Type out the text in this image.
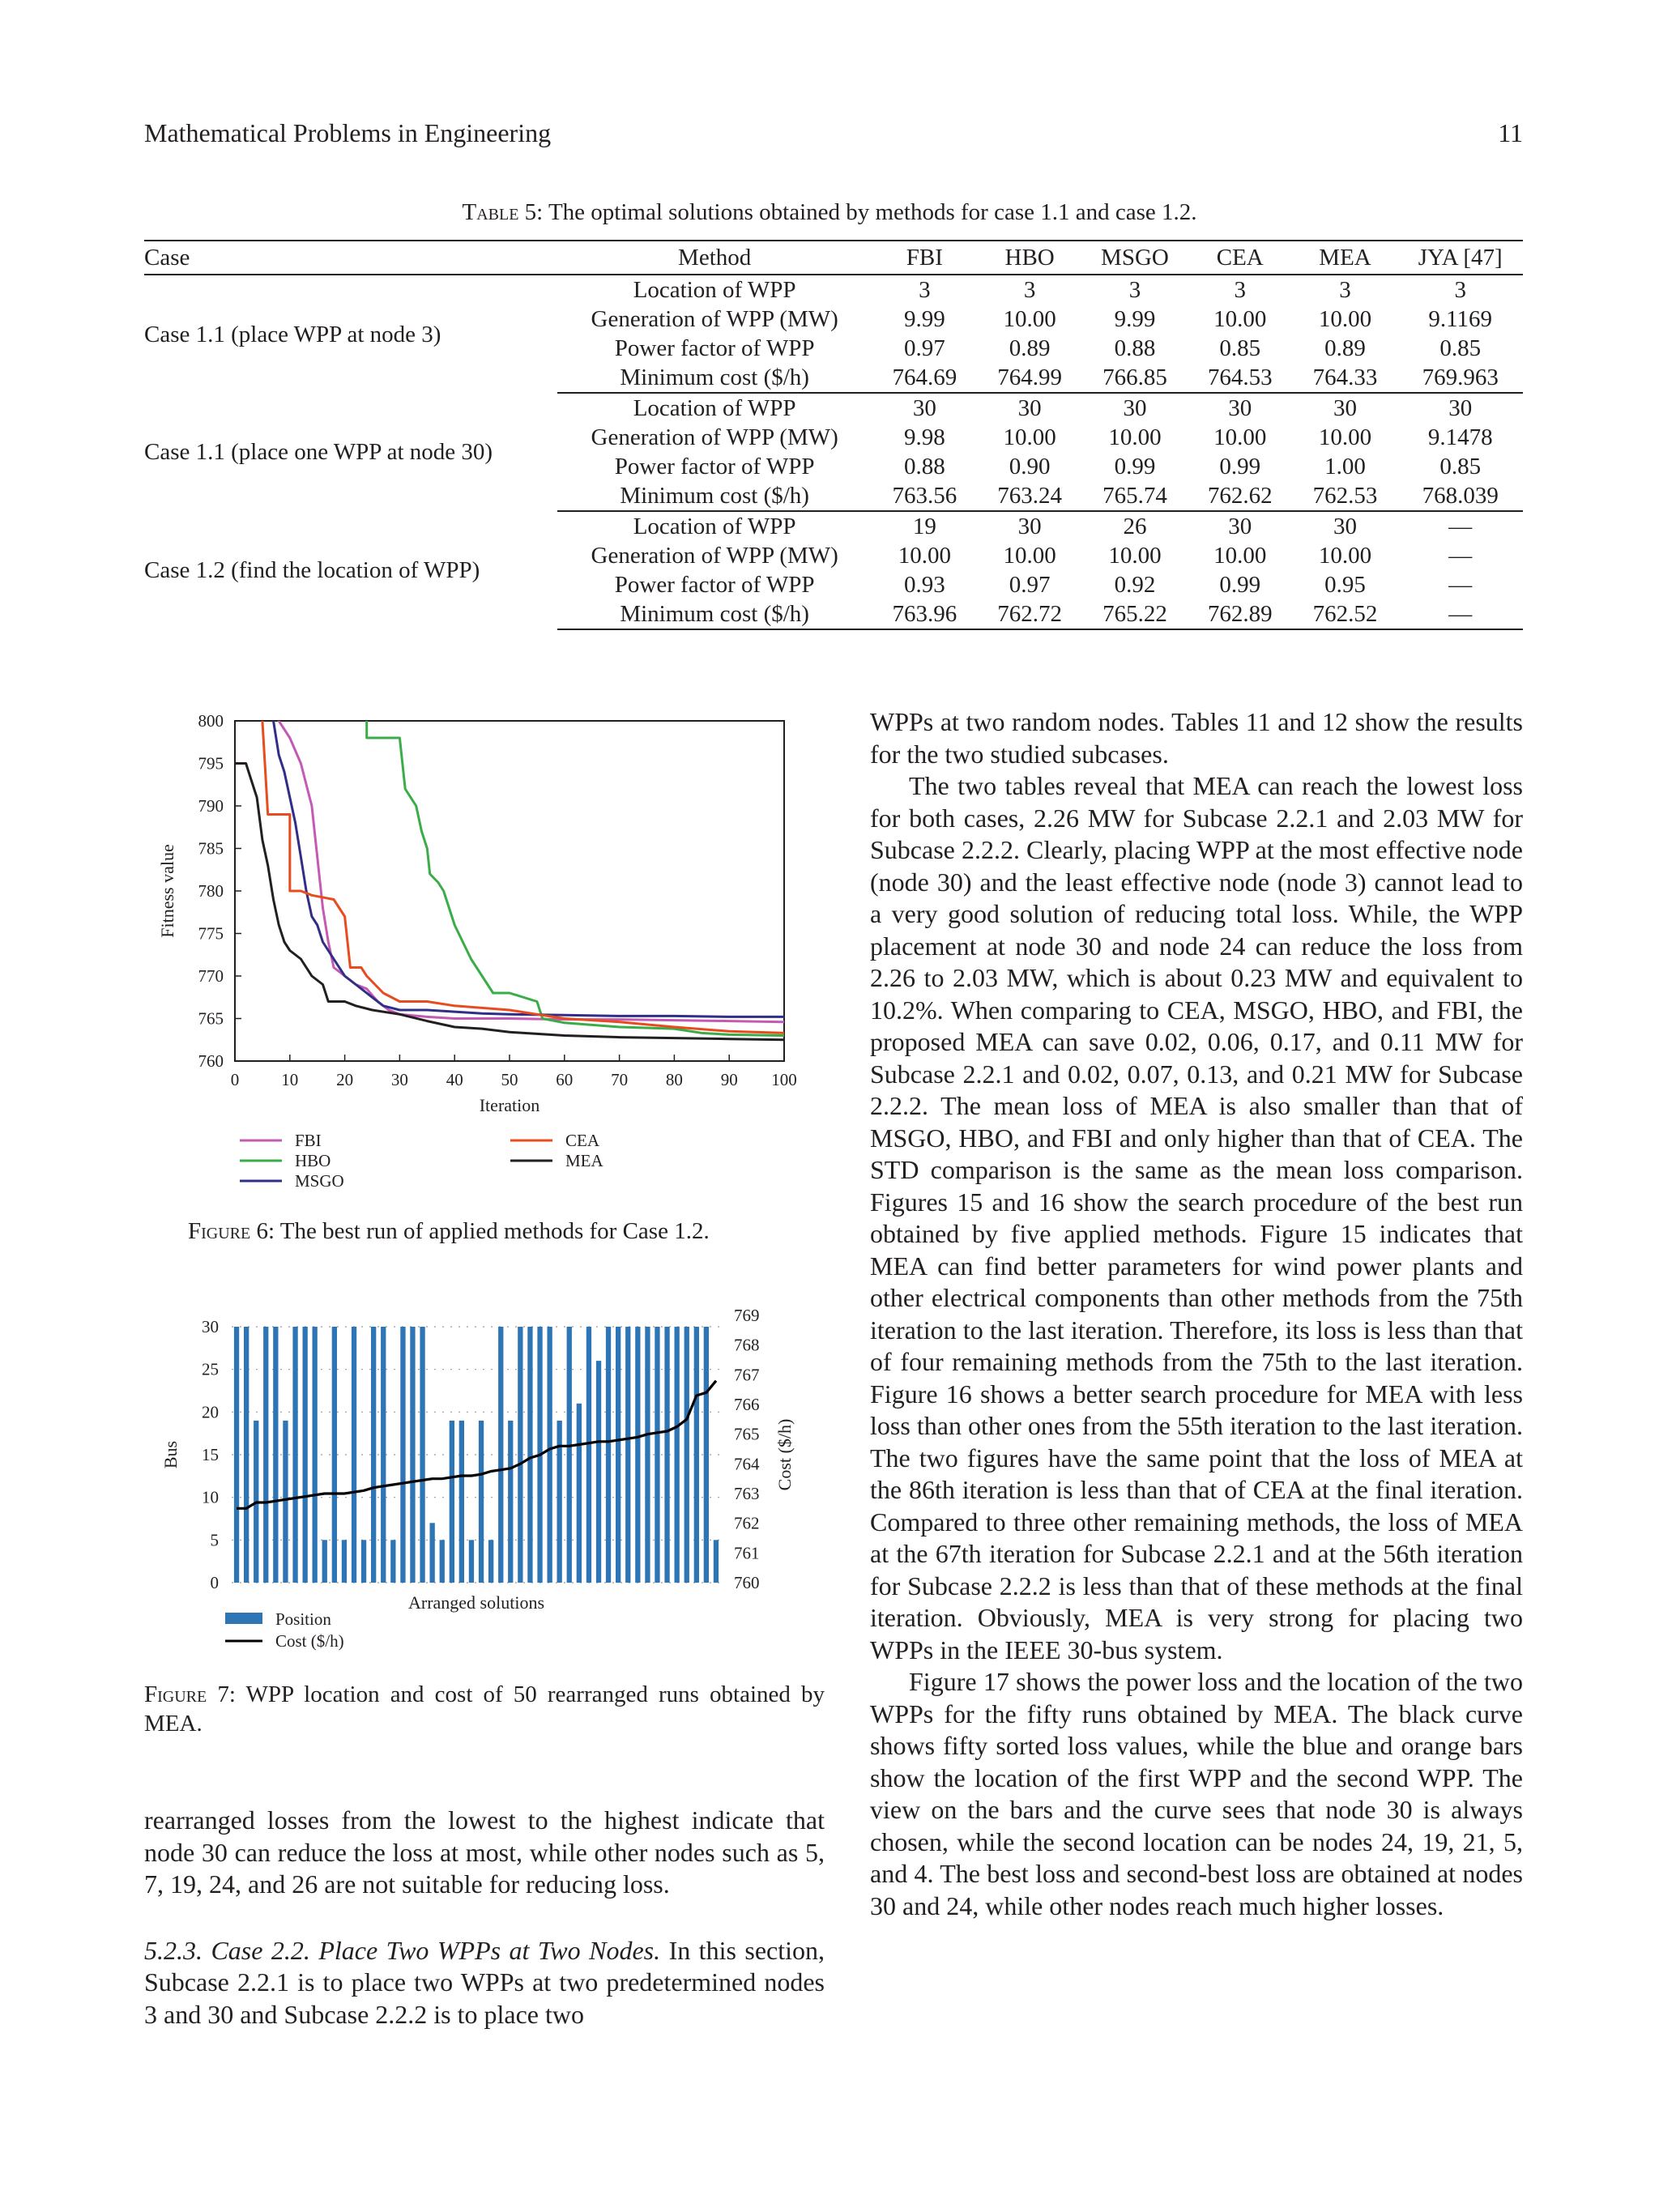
Mathematical Problems in Engineering	11
Table 5: The optimal solutions obtained by methods for case 1.1 and case 1.2.
Case	Method	FBI	HBO	MSGO	CEA	MEA	JYA [47]
Case 1.1 (place WPP at node 3)	Location of WPP	3	3	3	3	3	3
	Generation of WPP (MW)	9.99	10.00	9.99	10.00	10.00	9.1169
	Power factor of WPP	0.97	0.89	0.88	0.85	0.89	0.85
	Minimum cost ($/h)	764.69	764.99	766.85	764.53	764.33	769.963
Case 1.1 (place one WPP at node 30)	Location of WPP	30	30	30	30	30	30
	Generation of WPP (MW)	9.98	10.00	10.00	10.00	10.00	9.1478
	Power factor of WPP	0.88	0.90	0.99	0.99	1.00	0.85
	Minimum cost ($/h)	763.56	763.24	765.74	762.62	762.53	768.039
Case 1.2 (find the location of WPP)	Location of WPP	19	30	26	30	30	—
	Generation of WPP (MW)	10.00	10.00	10.00	10.00	10.00	—
	Power factor of WPP	0.93	0.97	0.92	0.99	0.95	—
	Minimum cost ($/h)	763.96	762.72	765.22	762.89	762.52	—
760
765
770
775
780
785
790
795
800
0 10 20 30 40 50 60 70 80 90 100
Iteration
Fitness value
FBI
HBO
MSGO
CEA
MEA
Figure 6: The best run of applied methods for Case 1.2.
0
5
10
15
20
25
30
760
761
762
763
764
765
766
767
768
769
Arranged solutions
Bus	Cost ($/h)
Position
Cost ($/h)
Figure 7: WPP location and cost of 50 rearranged runs obtained by MEA.

rearranged losses from the lowest to the highest indicate that node 30 can reduce the loss at most, while other nodes such as 5, 7, 19, 24, and 26 are not suitable for reducing loss.

5.2.3. Case 2.2. Place Two WPPs at Two Nodes. In this section, Subcase 2.2.1 is to place two WPPs at two predetermined nodes 3 and 30 and Subcase 2.2.2 is to place two

WPPs at two random nodes. Tables 11 and 12 show the results for the two studied subcases.

The two tables reveal that MEA can reach the lowest loss for both cases, 2.26 MW for Subcase 2.2.1 and 2.03 MW for Subcase 2.2.2. Clearly, placing WPP at the most effective node (node 30) and the least effective node (node 3) cannot lead to a very good solution of reducing total loss. While, the WPP placement at node 30 and node 24 can reduce the loss from 2.26 to 2.03 MW, which is about 0.23 MW and equivalent to 10.2%. When comparing to CEA, MSGO, HBO, and FBI, the proposed MEA can save 0.02, 0.06, 0.17, and 0.11 MW for Subcase 2.2.1 and 0.02, 0.07, 0.13, and 0.21 MW for Subcase 2.2.2. The mean loss of MEA is also smaller than that of MSGO, HBO, and FBI and only higher than that of CEA. The STD comparison is the same as the mean loss comparison. Figures 15 and 16 show the search procedure of the best run obtained by five applied methods. Figure 15 indicates that MEA can find better parameters for wind power plants and other electrical components than other methods from the 75th iteration to the last iteration. Therefore, its loss is less than that of four remaining methods from the 75th to the last iteration. Figure 16 shows a better search procedure for MEA with less loss than other ones from the 55th iteration to the last iteration. The two figures have the same point that the loss of MEA at the 86th iteration is less than that of CEA at the final iteration. Compared to three other remaining methods, the loss of MEA at the 67th iteration for Subcase 2.2.1 and at the 56th iteration for Subcase 2.2.2 is less than that of these methods at the final iteration. Obviously, MEA is very strong for placing two WPPs in the IEEE 30-bus system.

Figure 17 shows the power loss and the location of the two WPPs for the fifty runs obtained by MEA. The black curve shows fifty sorted loss values, while the blue and orange bars show the location of the first WPP and the second WPP. The view on the bars and the curve sees that node 30 is always chosen, while the second location can be nodes 24, 19, 21, 5, and 4. The best loss and second-best loss are obtained at nodes 30 and 24, while other nodes reach much higher losses.
